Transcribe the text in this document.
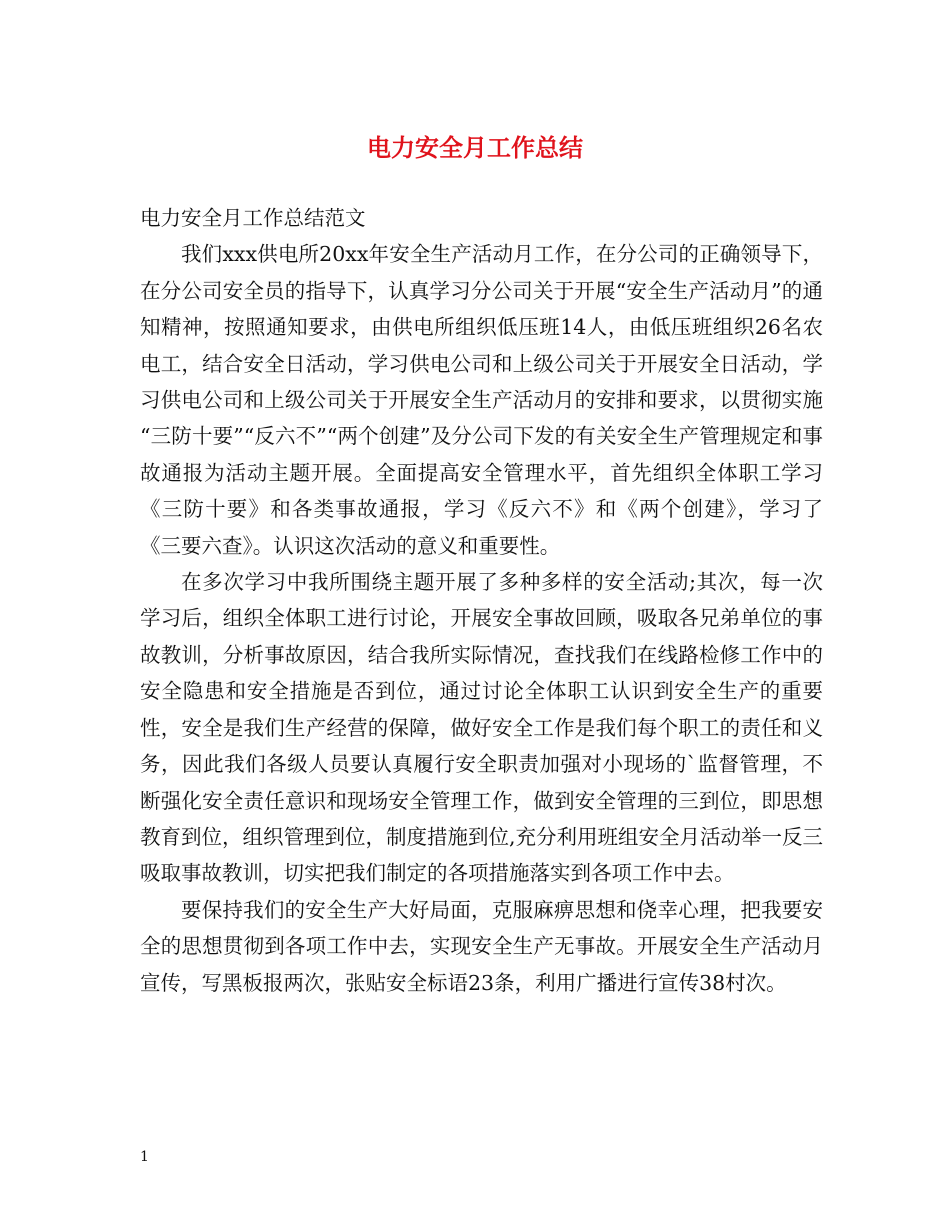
电力安全月工作总结

电力安全月工作总结范文

我们xxx供电所20xx年安全生产活动月工作，在分公司的正确领导下，在分公司安全员的指导下，认真学习分公司关于开展“安全生产活动月”的通知精神，按照通知要求，由供电所组织低压班14人，由低压班组织26名农电工，结合安全日活动，学习供电公司和上级公司关于开展安全日活动，学习供电公司和上级公司关于开展安全生产活动月的安排和要求，以贯彻实施 “三防十要”“反六不”“两个创建”及分公司下发的有关安全生产管理规定和事故通报为活动主题开展。全面提高安全管理水平，首先组织全体职工学习《三防十要》和各类事故通报，学习《反六不》和《两个创建》，学习了《三要六查》。认识这次活动的意义和重要性。

在多次学习中我所围绕主题开展了多种多样的安全活动;其次，每一次学习后，组织全体职工进行讨论，开展安全事故回顾，吸取各兄弟单位的事故教训，分析事故原因，结合我所实际情况，查找我们在线路检修工作中的安全隐患和安全措施是否到位，通过讨论全体职工认识到安全生产的重要性，安全是我们生产经营的保障，做好安全工作是我们每个职工的责任和义务，因此我们各级人员要认真履行安全职责加强对小现场的`监督管理，不断强化安全责任意识和现场安全管理工作，做到安全管理的三到位，即思想教育到位，组织管理到位，制度措施到位,充分利用班组安全月活动举一反三吸取事故教训，切实把我们制定的各项措施落实到各项工作中去。

要保持我们的安全生产大好局面，克服麻痹思想和侥幸心理，把我要安全的思想贯彻到各项工作中去，实现安全生产无事故。开展安全生产活动月宣传，写黑板报两次，张贴安全标语23条，利用广播进行宣传38村次。

1
